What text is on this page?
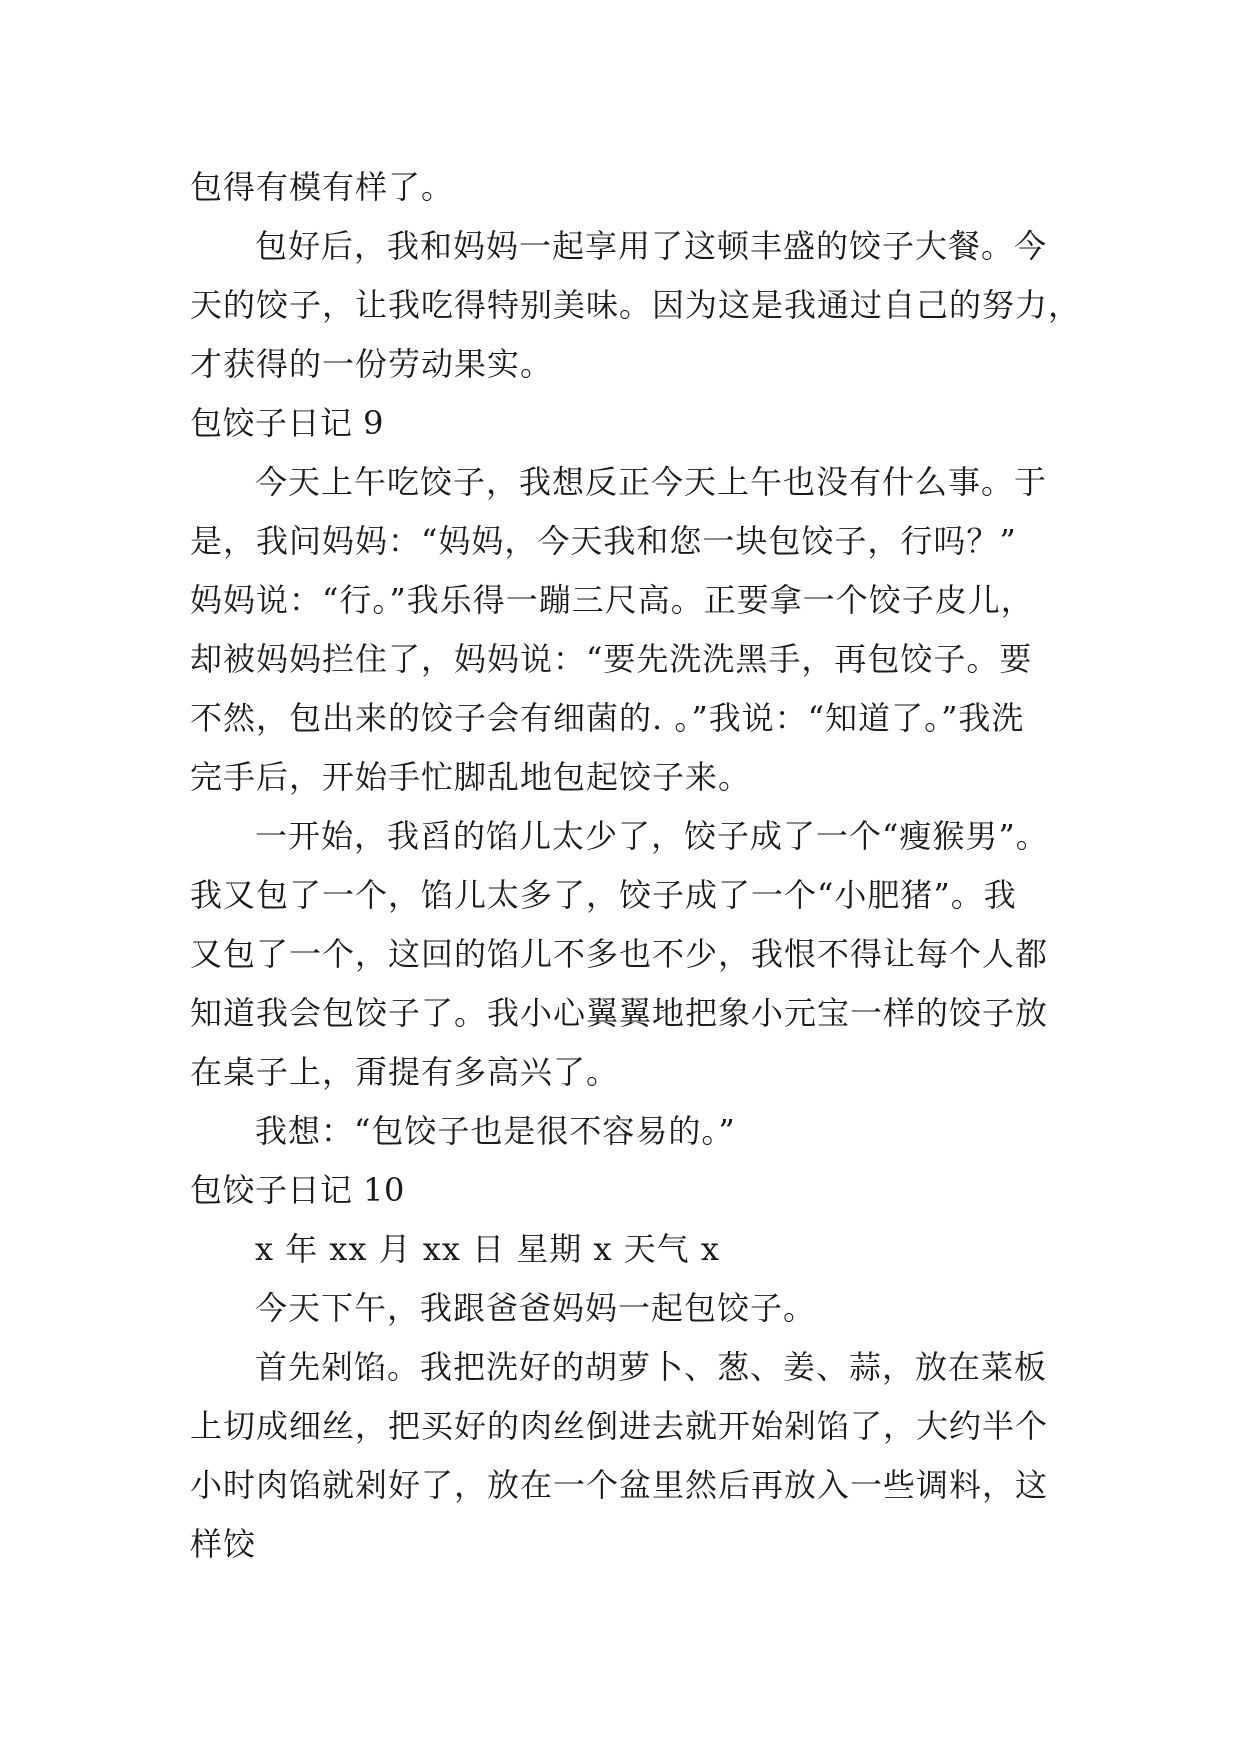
包得有模有样了。
包好后，我和妈妈一起享用了这顿丰盛的饺子大餐。今
天的饺子，让我吃得特别美味。因为这是我通过自己的努力，
才获得的一份劳动果实。
包饺子日记 9
今天上午吃饺子，我想反正今天上午也没有什么事。于
是，我问妈妈：“妈妈，今天我和您一块包饺子，行吗？”
妈妈说：“行。”我乐得一蹦三尺高。正要拿一个饺子皮儿，
却被妈妈拦住了，妈妈说：“要先洗洗黑手，再包饺子。要
不然，包出来的饺子会有细菌的. 。”我说：“知道了。”我洗
完手后，开始手忙脚乱地包起饺子来。
一开始，我舀的馅儿太少了，饺子成了一个“瘦猴男”。
我又包了一个，馅儿太多了，饺子成了一个“小肥猪”。我
又包了一个，这回的馅儿不多也不少，我恨不得让每个人都
知道我会包饺子了。我小心翼翼地把象小元宝一样的饺子放
在桌子上，甭提有多高兴了。
我想：“包饺子也是很不容易的。”
包饺子日记 10
x 年 xx 月 xx 日 星期 x 天气 x
今天下午，我跟爸爸妈妈一起包饺子。
首先剁馅。我把洗好的胡萝卜、葱、姜、蒜，放在菜板
上切成细丝，把买好的肉丝倒进去就开始剁馅了，大约半个
小时肉馅就剁好了，放在一个盆里然后再放入一些调料，这
样饺
